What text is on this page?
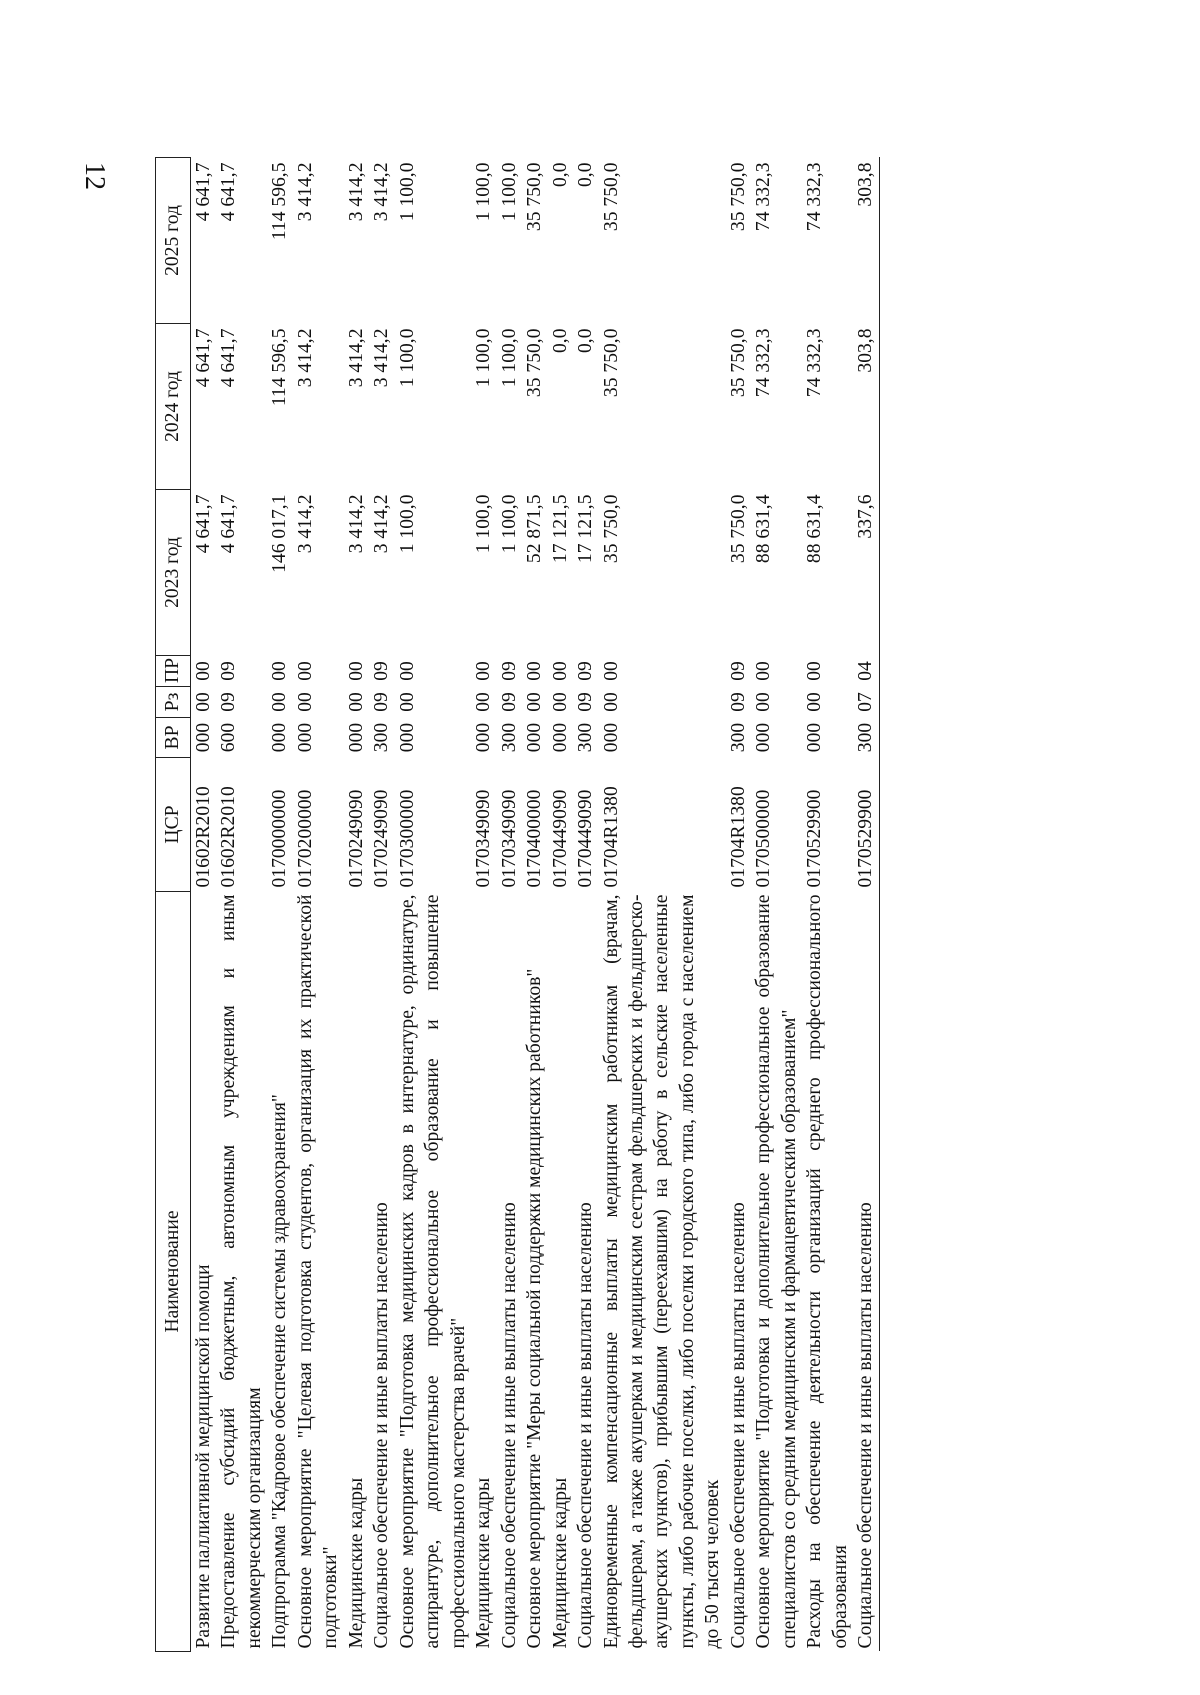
12
Наименование	ЦСР	ВР	Рз	ПР	2023 год	2024 год	2025 год
Развитие паллиативной медицинской помощи	01602R2010	000	00	00	4 641,7	4 641,7	4 641,7
Предоставление субсидий бюджетным, автономным учреждениям и иным некоммерческим организациям	01602R2010	600	09	09	4 641,7	4 641,7	4 641,7
Подпрограмма "Кадровое обеспечение системы здравоохранения"	0170000000	000	00	00	146 017,1	114 596,5	114 596,5
Основное мероприятие "Целевая подготовка студентов, организация их практической подготовки"	0170200000	000	00	00	3 414,2	3 414,2	3 414,2
Медицинские кадры	0170249090	000	00	00	3 414,2	3 414,2	3 414,2
Социальное обеспечение и иные выплаты населению	0170249090	300	09	09	3 414,2	3 414,2	3 414,2
Основное мероприятие "Подготовка медицинских кадров в интернатуре, ординатуре, аспирантуре, дополнительное профессиональное образование и повышение профессионального мастерства врачей"	0170300000	000	00	00	1 100,0	1 100,0	1 100,0
Медицинские кадры	0170349090	000	00	00	1 100,0	1 100,0	1 100,0
Социальное обеспечение и иные выплаты населению	0170349090	300	09	09	1 100,0	1 100,0	1 100,0
Основное мероприятие "Меры социальной поддержки медицинских работников"	0170400000	000	00	00	52 871,5	35 750,0	35 750,0
Медицинские кадры	0170449090	000	00	00	17 121,5	0,0	0,0
Социальное обеспечение и иные выплаты населению	0170449090	300	09	09	17 121,5	0,0	0,0
Единовременные компенсационные выплаты медицинским работникам (врачам, фельдшерам, а также акушеркам и медицинским сестрам фельдшерских и фельдшерско-акушерских пунктов), прибывшим (переехавшим) на работу в сельские населенные пункты, либо рабочие поселки, либо поселки городского типа, либо города с населением до 50 тысяч человек	01704R1380	000	00	00	35 750,0	35 750,0	35 750,0
Социальное обеспечение и иные выплаты населению	01704R1380	300	09	09	35 750,0	35 750,0	35 750,0
Основное мероприятие "Подготовка и дополнительное профессиональное образование специалистов со средним медицинским и фармацевтическим образованием"	0170500000	000	00	00	88 631,4	74 332,3	74 332,3
Расходы на обеспечение деятельности организаций среднего профессионального образования	0170529900	000	00	00	88 631,4	74 332,3	74 332,3
Социальное обеспечение и иные выплаты населению	0170529900	300	07	04	337,6	303,8	303,8
